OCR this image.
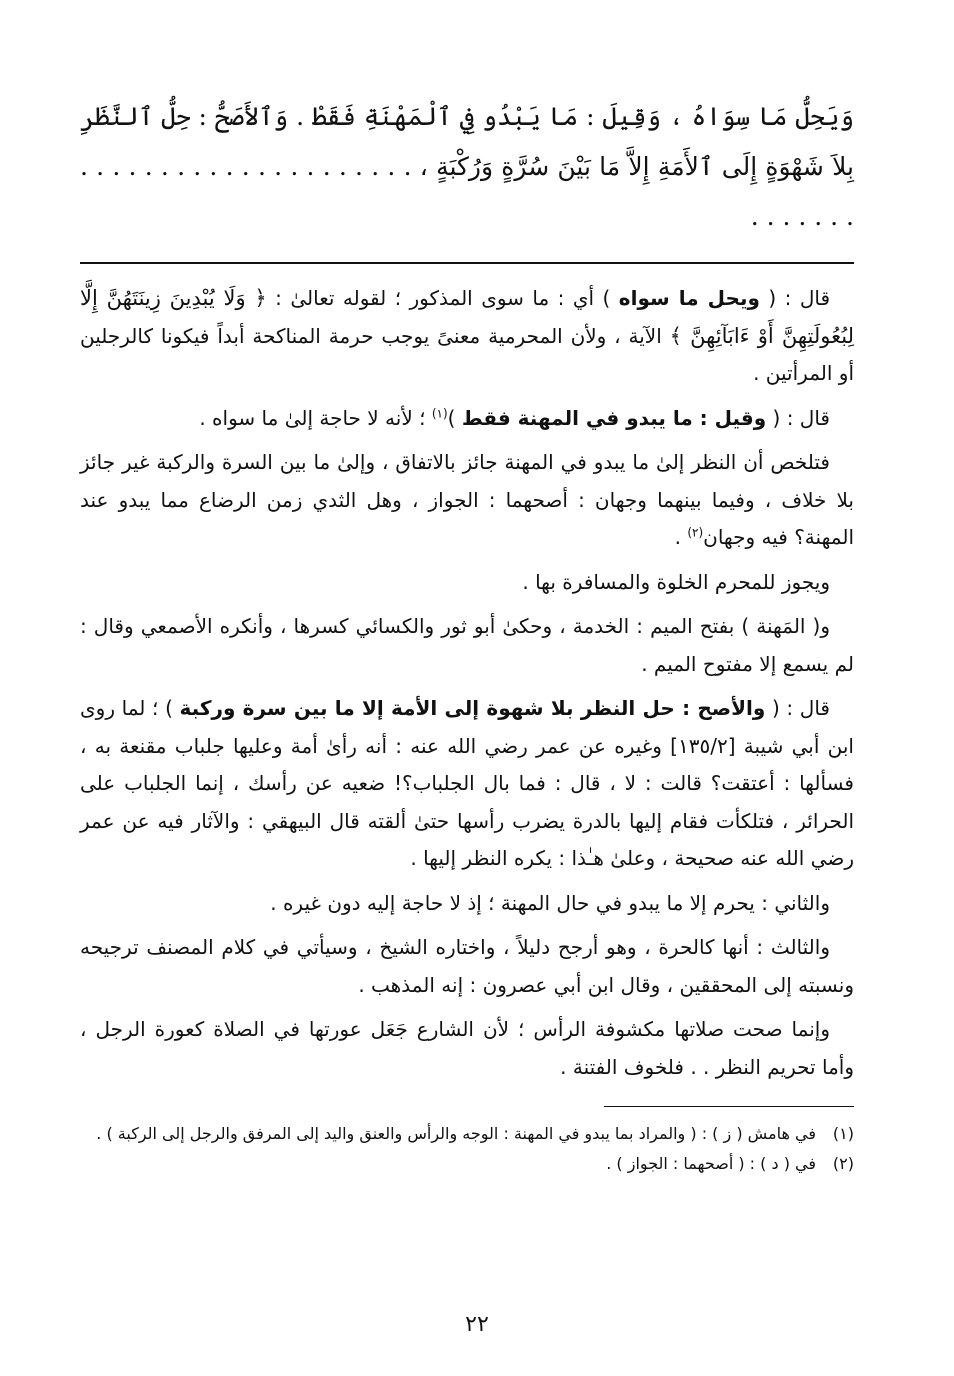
وَيَحِلُّ مَا سِوَاهُ ، وَقِيلَ : مَا يَبْدُو فِي ٱلْمَهْنَةِ فَقَطْ . وَٱلأَصَحُّ : حِلُّ ٱلنَّظَرِ

بِلاَ شَهْوَةٍ إِلَى ٱلأَمَةِ إِلاَّ مَا بَيْنَ سُرَّةٍ وَرُكْبَةٍ ، . . . . . . . . . . . . . . . . . . . . . . . . . . . .

قال : ( ويحل ما سواه ) أي : ما سوى المذكور ؛ لقوله تعالىٰ : ﴿ وَلَا يُبْدِينَ زِينَتَهُنَّ إِلَّا لِبُعُولَتِهِنَّ أَوْ ءَابَآئِهِنَّ ﴾ الآية ، ولأن المحرمية معنىً يوجب حرمة المناكحة أبداً فيكونا كالرجلين أو المرأتين .

قال : ( وقيل : ما يبدو في المهنة فقط )$^{(١)}$ ؛ لأنه لا حاجة إلىٰ ما سواه .

فتلخص أن النظر إلىٰ ما يبدو في المهنة جائز بالاتفاق ، وإلىٰ ما بين السرة والركبة غير جائز بلا خلاف ، وفيما بينهما وجهان : أصحهما : الجواز ، وهل الثدي زمن الرضاع مما يبدو عند المهنة؟ فيه وجهان$^{(٢)}$ .

ويجوز للمحرم الخلوة والمسافرة بها .

و( المَهنة ) بفتح الميم : الخدمة ، وحكىٰ أبو ثور والكسائي كسرها ، وأنكره الأصمعي وقال : لم يسمع إلا مفتوح الميم .

قال : ( والأصح : حل النظر بلا شهوة إلى الأمة إلا ما بين سرة وركبة ) ؛ لما روى ابن أبي شيبة [١٣٥/٢] وغيره عن عمر رضي الله عنه : أنه رأىٰ أمة وعليها جلباب مقنعة به ، فسألها : أعتقت؟ قالت : لا ، قال : فما بال الجلباب؟! ضعيه عن رأسك ، إنما الجلباب على الحرائر ، فتلكأت فقام إليها بالدرة يضرب رأسها حتىٰ ألقته قال البيهقي : والآثار فيه عن عمر رضي الله عنه صحيحة ، وعلىٰ هـٰذا : يكره النظر إليها .

والثاني : يحرم إلا ما يبدو في حال المهنة ؛ إذ لا حاجة إليه دون غيره .

والثالث : أنها كالحرة ، وهو أرجح دليلاً ، واختاره الشيخ ، وسيأتي في كلام المصنف ترجيحه ونسبته إلى المحققين ، وقال ابن أبي عصرون : إنه المذهب .

وإنما صحت صلاتها مكشوفة الرأس ؛ لأن الشارع جَعَل عورتها في الصلاة كعورة الرجل ، وأما تحريم النظر . . فلخوف الفتنة .

(١)
في هامش ( ز ) : ( والمراد بما يبدو في المهنة : الوجه والرأس والعنق واليد إلى المرفق والرجل إلى الركبة ) .
(٢)
في ( د ) : ( أصحهما : الجواز ) .
٢٢
